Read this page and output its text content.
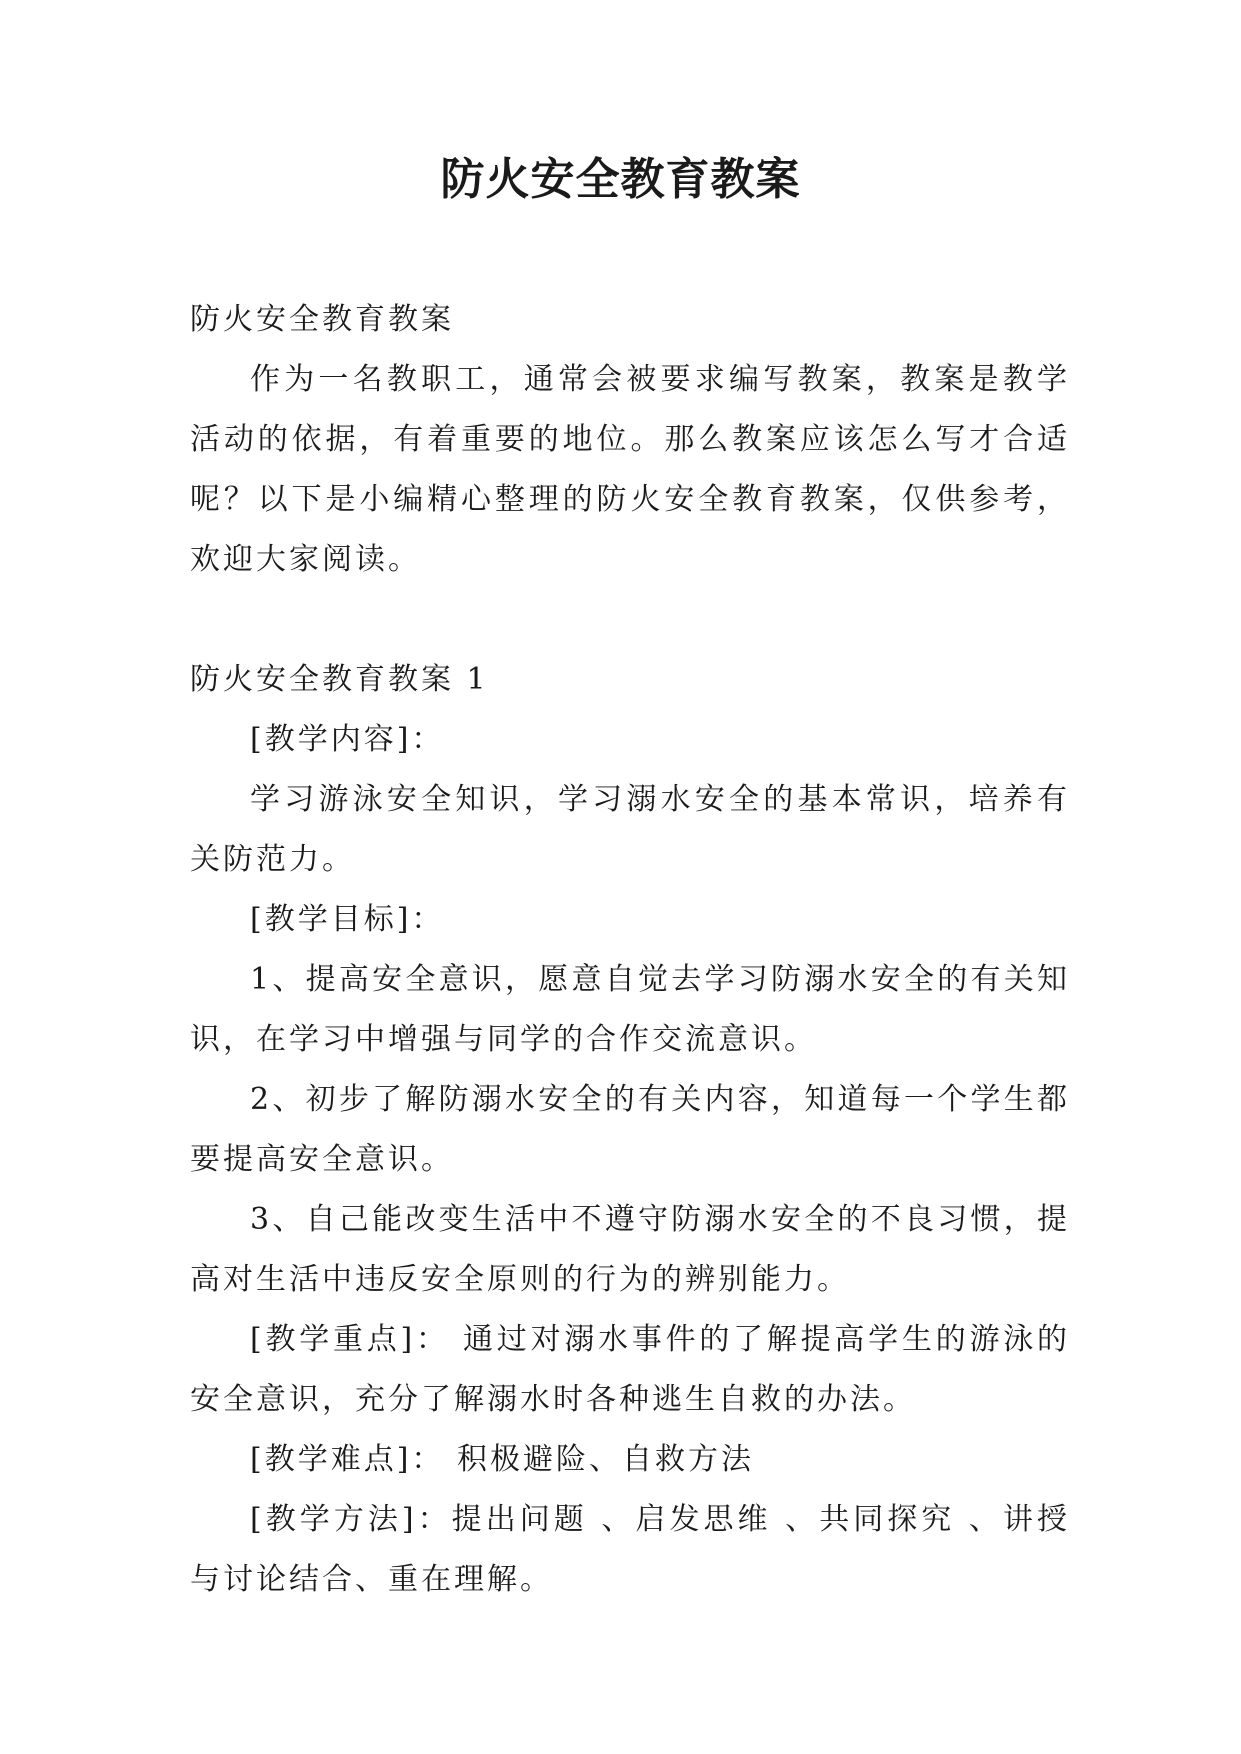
防火安全教育教案

防火安全教育教案

作为一名教职工，通常会被要求编写教案，教案是教学活动的依据，有着重要的地位。那么教案应该怎么写才合适呢？以下是小编精心整理的防火安全教育教案，仅供参考，欢迎大家阅读。

防火安全教育教案 1

[教学内容]：

学习游泳安全知识，学习溺水安全的基本常识，培养有关防范力。

[教学目标]：

1、提高安全意识，愿意自觉去学习防溺水安全的有关知识，在学习中增强与同学的合作交流意识。

2、初步了解防溺水安全的有关内容，知道每一个学生都要提高安全意识。

3、自己能改变生活中不遵守防溺水安全的不良习惯，提高对生活中违反安全原则的行为的辨别能力。

[教学重点]： 通过对溺水事件的了解提高学生的游泳的安全意识，充分了解溺水时各种逃生自救的办法。

[教学难点]： 积极避险、自救方法

[教学方法]：提出问题 、启发思维 、共同探究 、讲授与讨论结合、重在理解。
